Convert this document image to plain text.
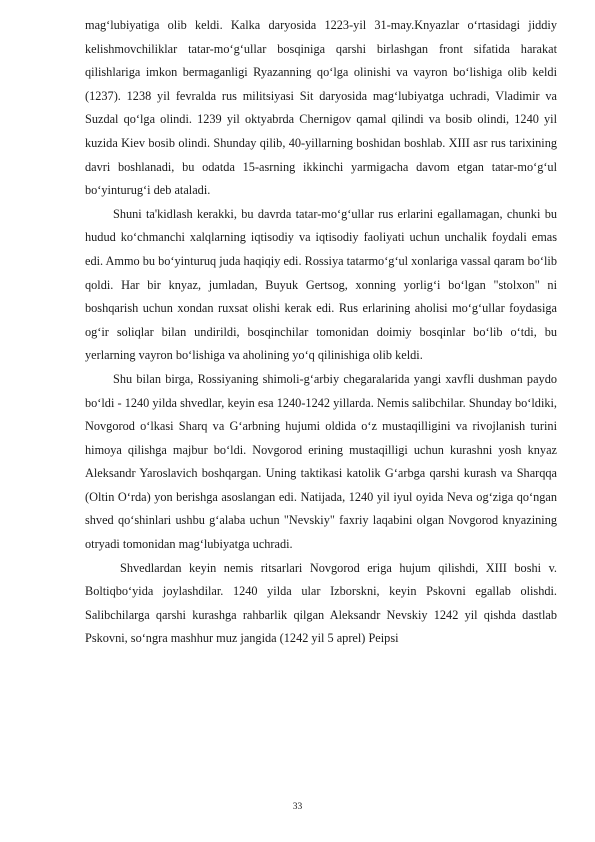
mag‘lubiyatiga olib keldi. Kalka daryosida 1223-yil 31-may.Knyazlar oʻrtasidagi jiddiy kelishmovchiliklar tatar-moʻgʻullar bosqiniga qarshi birlashgan front sifatida harakat qilishlariga imkon bermaganligi Ryazanning qoʻlga olinishi va vayron bo‘lishiga olib keldi (1237). 1238 yil fevralda rus militsiyasi Sit daryosida mag‘lubiyatga uchradi, Vladimir va Suzdal qo‘lga olindi. 1239 yil oktyabrda Chernigov qamal qilindi va bosib olindi, 1240 yil kuzida Kiev bosib olindi. Shunday qilib, 40-yillarning boshidan boshlab. XIII asr rus tarixining davri boshlanadi, bu odatda 15-asrning ikkinchi yarmigacha davom etgan tatar-mo‘g‘ul bo‘yinturug‘i deb ataladi.

Shuni ta'kidlash kerakki, bu davrda tatar-mo‘g‘ullar rus erlarini egallamagan, chunki bu hudud ko‘chmanchi xalqlarning iqtisodiy va iqtisodiy faoliyati uchun unchalik foydali emas edi. Ammo bu bo‘yinturuq juda haqiqiy edi. Rossiya tatarmo‘g‘ul xonlariga vassal qaram bo‘lib qoldi. Har bir knyaz, jumladan, Buyuk Gertsog, xonning yorlig‘i bo‘lgan "stolxon" ni boshqarish uchun xondan ruxsat olishi kerak edi. Rus erlarining aholisi mo‘g‘ullar foydasiga og‘ir soliqlar bilan undirildi, bosqinchilar tomonidan doimiy bosqinlar bo‘lib o‘tdi, bu yerlarning vayron bo‘lishiga va aholining yo‘q qilinishiga olib keldi.

Shu bilan birga, Rossiyaning shimoli-g‘arbiy chegaralarida yangi xavfli dushman paydo bo‘ldi - 1240 yilda shvedlar, keyin esa 1240-1242 yillarda. Nemis salibchilar. Shunday bo‘ldiki, Novgorod o‘lkasi Sharq va G‘arbning hujumi oldida o‘z mustaqilligini va rivojlanish turini himoya qilishga majbur bo‘ldi. Novgorod erining mustaqilligi uchun kurashni yosh knyaz Aleksandr Yaroslavich boshqargan. Uning taktikasi katolik G‘arbga qarshi kurash va Sharqqa (Oltin O‘rda) yon berishga asoslangan edi. Natijada, 1240 yil iyul oyida Neva og‘ziga qo‘ngan shved qo‘shinlari ushbu g‘alaba uchun "Nevskiy" faxriy laqabini olgan Novgorod knyazining otryadi tomonidan mag‘lubiyatga uchradi.

Shvedlardan keyin nemis ritsarlari Novgorod eriga hujum qilishdi, XIII boshi v. Boltiqboʻyida joylashdilar. 1240 yilda ular Izborskni, keyin Pskovni egallab olishdi. Salibchilarga qarshi kurashga rahbarlik qilgan Aleksandr Nevskiy 1242 yil qishda dastlab Pskovni, so‘ngra mashhur muz jangida (1242 yil 5 aprel) Peipsi

33
